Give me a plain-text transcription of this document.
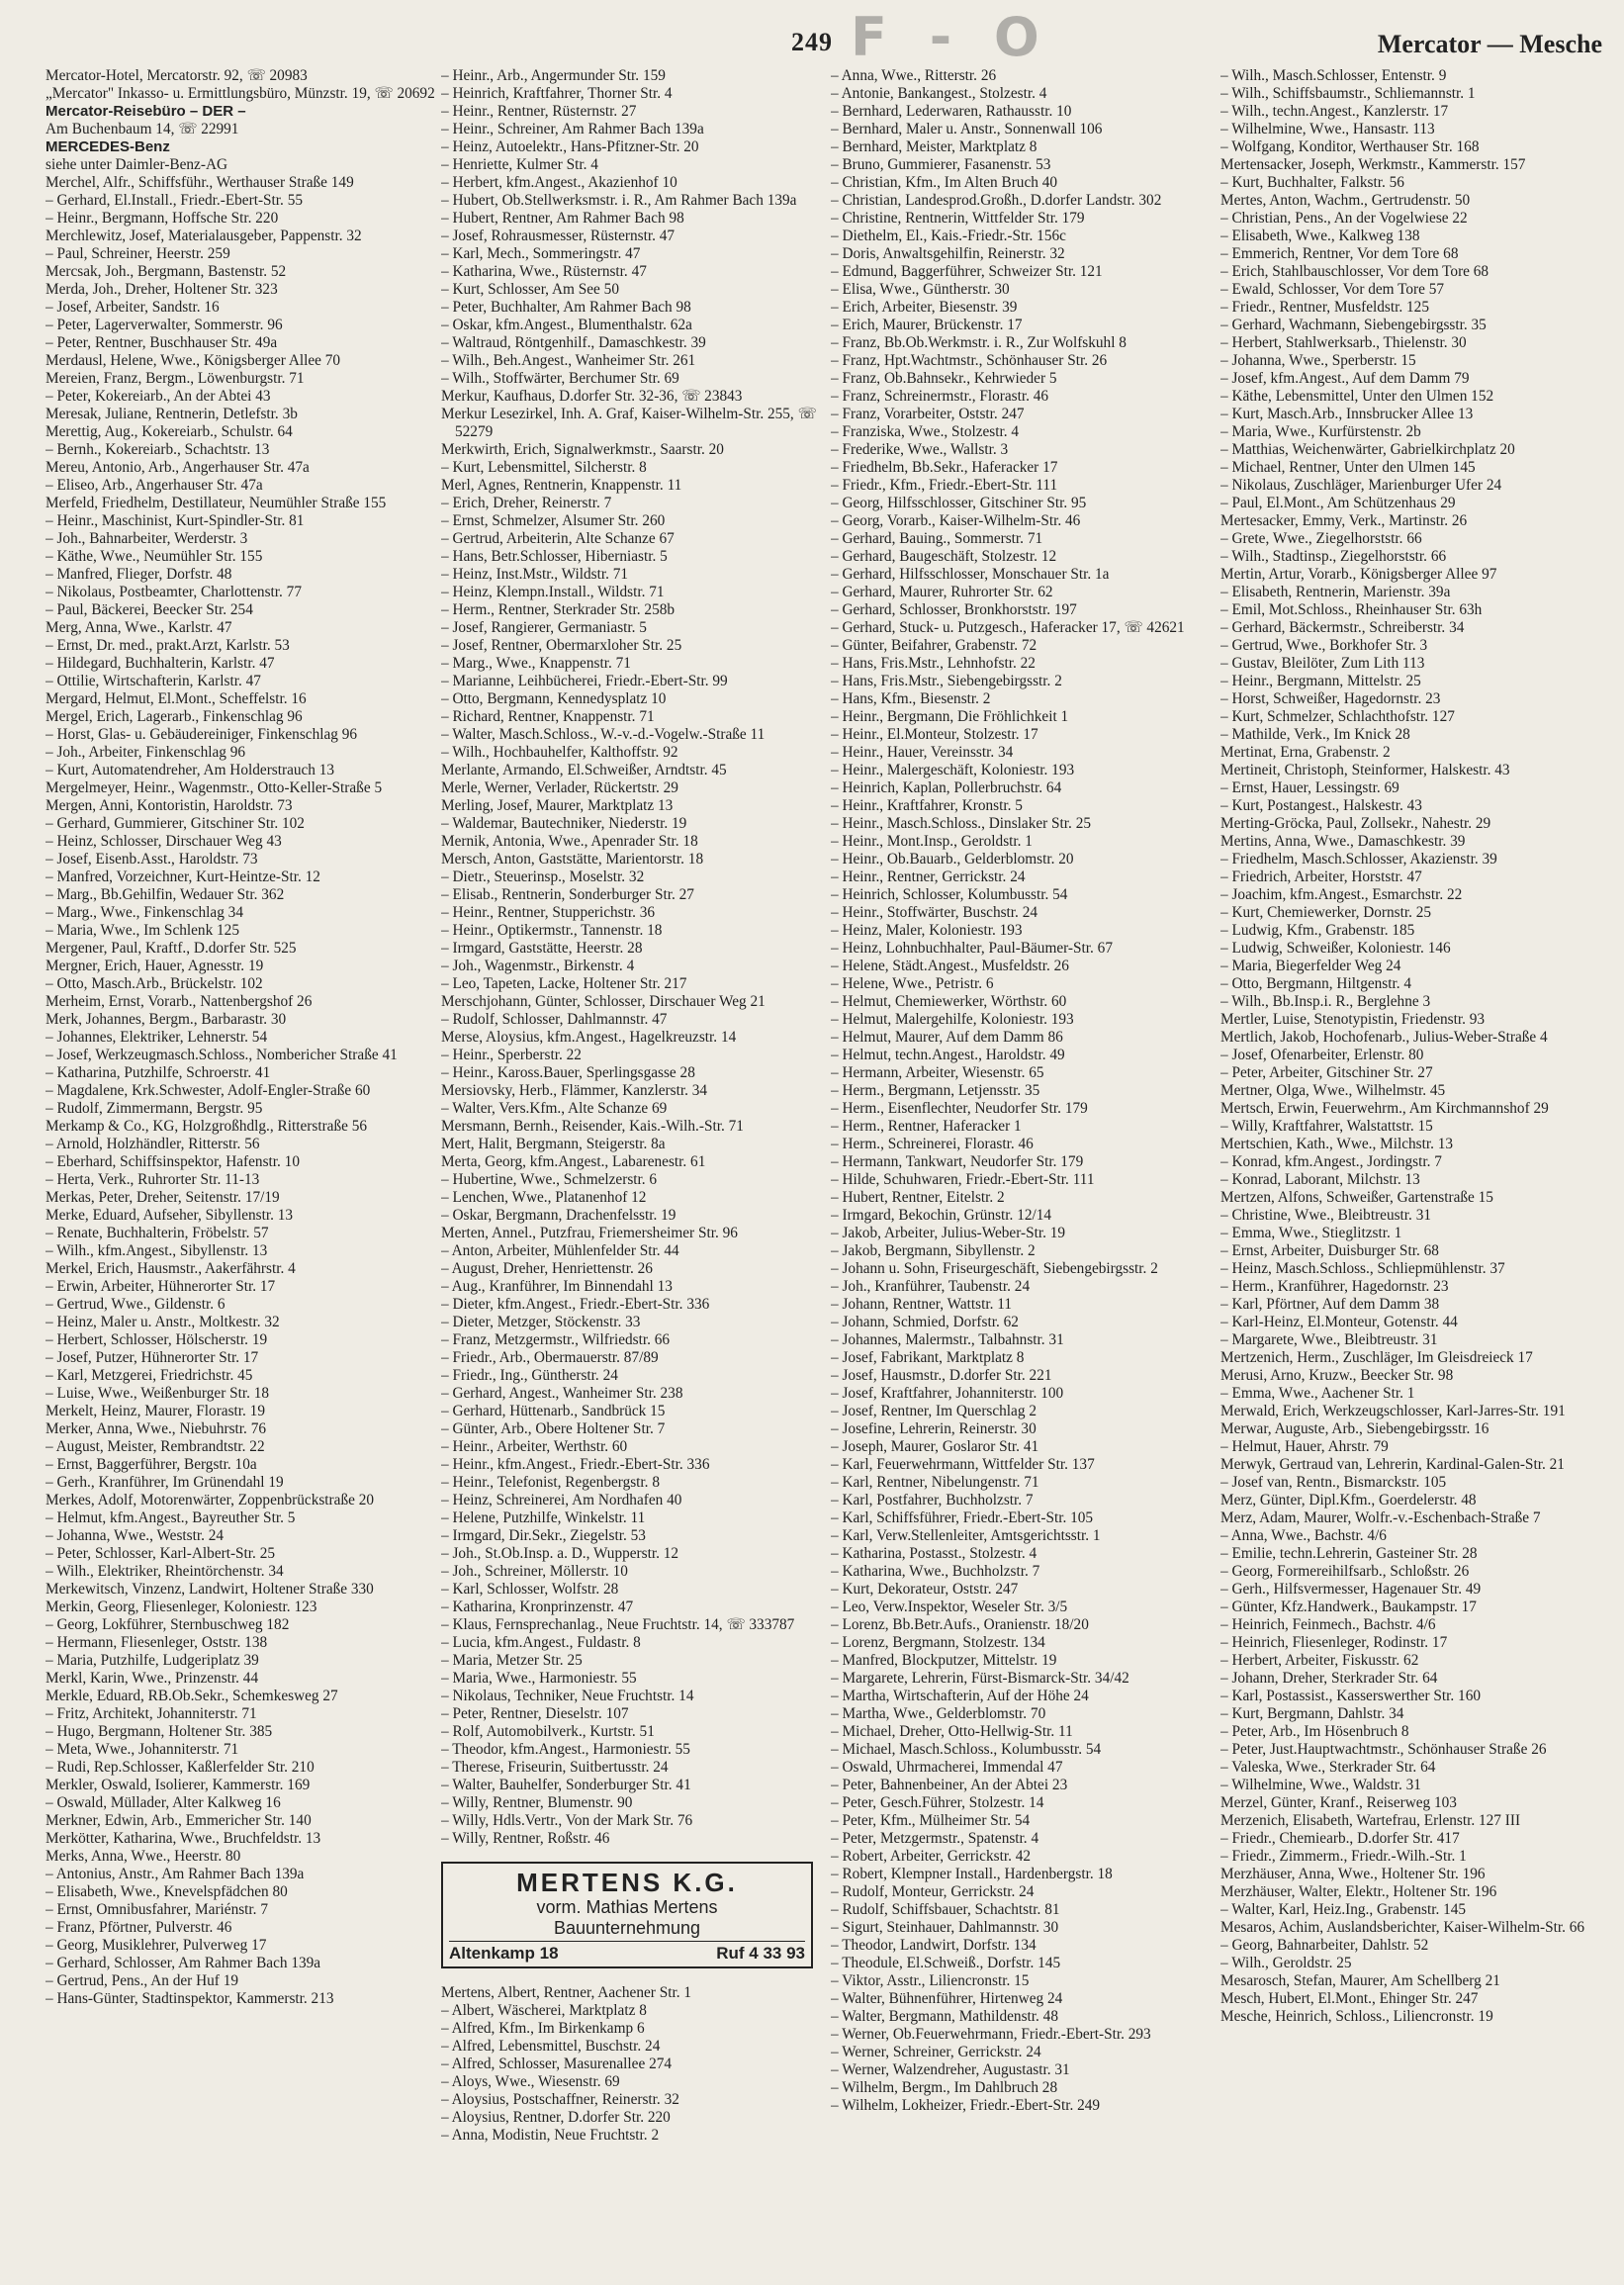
F - O
249	Mercator — Mesche

Mercator-Hotel, Mercatorstr. 92, ☏ 20983

„Mercator" Inkasso- u. Ermittlungsbüro, Münzstr. 19, ☏ 20692

Mercator-Reisebüro – DER –

Am Buchenbaum 14, ☏ 22991

MERCEDES-Benz

siehe unter Daimler-Benz-AG

Merchel, Alfr., Schiffsführ., Werthauser Straße 149

– Gerhard, El.Install., Friedr.-Ebert-Str. 55

– Heinr., Bergmann, Hoffsche Str. 220

Merchlewitz, Josef, Materialausgeber, Pappenstr. 32

– Paul, Schreiner, Heerstr. 259

Mercsak, Joh., Bergmann, Bastenstr. 52

Merda, Joh., Dreher, Holtener Str. 323

– Josef, Arbeiter, Sandstr. 16

– Peter, Lagerverwalter, Sommerstr. 96

– Peter, Rentner, Buschhauser Str. 49a

Merdausl, Helene, Wwe., Königsberger Allee 70

Mereien, Franz, Bergm., Löwenburgstr. 71

– Peter, Kokereiarb., An der Abtei 43

Meresak, Juliane, Rentnerin, Detlefstr. 3b

Merettig, Aug., Kokereiarb., Schulstr. 64

– Bernh., Kokereiarb., Schachtstr. 13

Mereu, Antonio, Arb., Angerhauser Str. 47a

– Eliseo, Arb., Angerhauser Str. 47a

Merfeld, Friedhelm, Destillateur, Neumühler Straße 155

– Heinr., Maschinist, Kurt-Spindler-Str. 81

– Joh., Bahnarbeiter, Werderstr. 3

– Käthe, Wwe., Neumühler Str. 155

– Manfred, Flieger, Dorfstr. 48

– Nikolaus, Postbeamter, Charlottenstr. 77

– Paul, Bäckerei, Beecker Str. 254

Merg, Anna, Wwe., Karlstr. 47

– Ernst, Dr. med., prakt.Arzt, Karlstr. 53

– Hildegard, Buchhalterin, Karlstr. 47

– Ottilie, Wirtschafterin, Karlstr. 47

Mergard, Helmut, El.Mont., Scheffelstr. 16

Mergel, Erich, Lagerarb., Finkenschlag 96

– Horst, Glas- u. Gebäudereiniger, Finkenschlag 96

– Joh., Arbeiter, Finkenschlag 96

– Kurt, Automatendreher, Am Holderstrauch 13

Mergelmeyer, Heinr., Wagenmstr., Otto-Keller-Straße 5

Mergen, Anni, Kontoristin, Haroldstr. 73

– Gerhard, Gummierer, Gitschiner Str. 102

– Heinz, Schlosser, Dirschauer Weg 43

– Josef, Eisenb.Asst., Haroldstr. 73

– Manfred, Vorzeichner, Kurt-Heintze-Str. 12

– Marg., Bb.Gehilfin, Wedauer Str. 362

– Marg., Wwe., Finkenschlag 34

– Maria, Wwe., Im Schlenk 125

Mergener, Paul, Kraftf., D.dorfer Str. 525

Mergner, Erich, Hauer, Agnesstr. 19

– Otto, Masch.Arb., Brückelstr. 102

Merheim, Ernst, Vorarb., Nattenbergshof 26

Merk, Johannes, Bergm., Barbarastr. 30

– Johannes, Elektriker, Lehnerstr. 54

– Josef, Werkzeugmasch.Schloss., Nombericher Straße 41

– Katharina, Putzhilfe, Schroerstr. 41

– Magdalene, Krk.Schwester, Adolf-Engler-Straße 60

– Rudolf, Zimmermann, Bergstr. 95

Merkamp & Co., KG, Holzgroßhdlg., Ritterstraße 56

– Arnold, Holzhändler, Ritterstr. 56

– Eberhard, Schiffsinspektor, Hafenstr. 10

– Herta, Verk., Ruhrorter Str. 11-13

Merkas, Peter, Dreher, Seitenstr. 17/19

Merke, Eduard, Aufseher, Sibyllenstr. 13

– Renate, Buchhalterin, Fröbelstr. 57

– Wilh., kfm.Angest., Sibyllenstr. 13

Merkel, Erich, Hausmstr., Aakerfährstr. 4

– Erwin, Arbeiter, Hühnerorter Str. 17

– Gertrud, Wwe., Gildenstr. 6

– Heinz, Maler u. Anstr., Moltkestr. 32

– Herbert, Schlosser, Hölscherstr. 19

– Josef, Putzer, Hühnerorter Str. 17

– Karl, Metzgerei, Friedrichstr. 45

– Luise, Wwe., Weißenburger Str. 18

Merkelt, Heinz, Maurer, Florastr. 19

Merker, Anna, Wwe., Niebuhrstr. 76

– August, Meister, Rembrandtstr. 22

– Ernst, Baggerführer, Bergstr. 10a

– Gerh., Kranführer, Im Grünendahl 19

Merkes, Adolf, Motorenwärter, Zoppenbrückstraße 20

– Helmut, kfm.Angest., Bayreuther Str. 5

– Johanna, Wwe., Weststr. 24

– Peter, Schlosser, Karl-Albert-Str. 25

– Wilh., Elektriker, Rheintörchenstr. 34

Merkewitsch, Vinzenz, Landwirt, Holtener Straße 330

Merkin, Georg, Fliesenleger, Koloniestr. 123

– Georg, Lokführer, Sternbuschweg 182

– Hermann, Fliesenleger, Oststr. 138

– Maria, Putzhilfe, Ludgeriplatz 39

Merkl, Karin, Wwe., Prinzenstr. 44

Merkle, Eduard, RB.Ob.Sekr., Schemkesweg 27

– Fritz, Architekt, Johanniterstr. 71

– Hugo, Bergmann, Holtener Str. 385

– Meta, Wwe., Johanniterstr. 71

– Rudi, Rep.Schlosser, Kaßlerfelder Str. 210

Merkler, Oswald, Isolierer, Kammerstr. 169

– Oswald, Müllader, Alter Kalkweg 16

Merkner, Edwin, Arb., Emmericher Str. 140

Merkötter, Katharina, Wwe., Bruchfeldstr. 13

Merks, Anna, Wwe., Heerstr. 80

– Antonius, Anstr., Am Rahmer Bach 139a

– Elisabeth, Wwe., Knevelspfädchen 80

– Ernst, Omnibusfahrer, Mariénstr. 7

– Franz, Pförtner, Pulverstr. 46

– Georg, Musiklehrer, Pulverweg 17

– Gerhard, Schlosser, Am Rahmer Bach 139a

– Gertrud, Pens., An der Huf 19

– Hans-Günter, Stadtinspektor, Kammerstr. 213

– Heinr., Arb., Angermunder Str. 159

– Heinrich, Kraftfahrer, Thorner Str. 4

– Heinr., Rentner, Rüsternstr. 27

– Heinr., Schreiner, Am Rahmer Bach 139a

– Heinz, Autoelektr., Hans-Pfitzner-Str. 20

– Henriette, Kulmer Str. 4

– Herbert, kfm.Angest., Akazienhof 10

– Hubert, Ob.Stellwerksmstr. i. R., Am Rahmer Bach 139a

– Hubert, Rentner, Am Rahmer Bach 98

– Josef, Rohrausmesser, Rüsternstr. 47

– Karl, Mech., Sommeringstr. 47

– Katharina, Wwe., Rüsternstr. 47

– Kurt, Schlosser, Am See 50

– Peter, Buchhalter, Am Rahmer Bach 98

– Oskar, kfm.Angest., Blumenthalstr. 62a

– Waltraud, Röntgenhilf., Damaschkestr. 39

– Wilh., Beh.Angest., Wanheimer Str. 261

– Wilh., Stoffwärter, Berchumer Str. 69

Merkur, Kaufhaus, D.dorfer Str. 32-36, ☏ 23843

Merkur Lesezirkel, Inh. A. Graf, Kaiser-Wilhelm-Str. 255, ☏ 52279

Merkwirth, Erich, Signalwerkmstr., Saarstr. 20

– Kurt, Lebensmittel, Silcherstr. 8

Merl, Agnes, Rentnerin, Knappenstr. 11

– Erich, Dreher, Reinerstr. 7

– Ernst, Schmelzer, Alsumer Str. 260

– Gertrud, Arbeiterin, Alte Schanze 67

– Hans, Betr.Schlosser, Hiberniastr. 5

– Heinz, Inst.Mstr., Wildstr. 71

– Heinz, Klempn.Install., Wildstr. 71

– Herm., Rentner, Sterkrader Str. 258b

– Josef, Rangierer, Germaniastr. 5

– Josef, Rentner, Obermarxloher Str. 25

– Marg., Wwe., Knappenstr. 71

– Marianne, Leihbücherei, Friedr.-Ebert-Str. 99

– Otto, Bergmann, Kennedysplatz 10

– Richard, Rentner, Knappenstr. 71

– Walter, Masch.Schloss., W.-v.-d.-Vogelw.-Straße 11

– Wilh., Hochbauhelfer, Kalthoffstr. 92

Merlante, Armando, El.Schweißer, Arndtstr. 45

Merle, Werner, Verlader, Rückertstr. 29

Merling, Josef, Maurer, Marktplatz 13

– Waldemar, Bautechniker, Niederstr. 19

Mernik, Antonia, Wwe., Apenrader Str. 18

Mersch, Anton, Gaststätte, Marientorstr. 18

– Dietr., Steuerinsp., Moselstr. 32

– Elisab., Rentnerin, Sonderburger Str. 27

– Heinr., Rentner, Stupperichstr. 36

– Heinr., Optikermstr., Tannenstr. 18

– Irmgard, Gaststätte, Heerstr. 28

– Joh., Wagenmstr., Birkenstr. 4

– Leo, Tapeten, Lacke, Holtener Str. 217

Merschjohann, Günter, Schlosser, Dirschauer Weg 21

– Rudolf, Schlosser, Dahlmannstr. 47

Merse, Aloysius, kfm.Angest., Hagelkreuzstr. 14

– Heinr., Sperberstr. 22

– Heinr., Kaross.Bauer, Sperlingsgasse 28

Mersiovsky, Herb., Flämmer, Kanzlerstr. 34

– Walter, Vers.Kfm., Alte Schanze 69

Mersmann, Bernh., Reisender, Kais.-Wilh.-Str. 71

Mert, Halit, Bergmann, Steigerstr. 8a

Merta, Georg, kfm.Angest., Labarenestr. 61

– Hubertine, Wwe., Schmelzerstr. 6

– Lenchen, Wwe., Platanenhof 12

– Oskar, Bergmann, Drachenfelsstr. 19

Merten, Annel., Putzfrau, Friemersheimer Str. 96

– Anton, Arbeiter, Mühlenfelder Str. 44

– August, Dreher, Henriettenstr. 26

– Aug., Kranführer, Im Binnendahl 13

– Dieter, kfm.Angest., Friedr.-Ebert-Str. 336

– Dieter, Metzger, Stöckenstr. 33

– Franz, Metzgermstr., Wilfriedstr. 66

– Friedr., Arb., Obermauerstr. 87/89

– Friedr., Ing., Güntherstr. 24

– Gerhard, Angest., Wanheimer Str. 238

– Gerhard, Hüttenarb., Sandbrück 15

– Günter, Arb., Obere Holtener Str. 7

– Heinr., Arbeiter, Werthstr. 60

– Heinr., kfm.Angest., Friedr.-Ebert-Str. 336

– Heinr., Telefonist, Regenbergstr. 8

– Heinz, Schreinerei, Am Nordhafen 40

– Helene, Putzhilfe, Winkelstr. 11

– Irmgard, Dir.Sekr., Ziegelstr. 53

– Joh., St.Ob.Insp. a. D., Wupperstr. 12

– Joh., Schreiner, Möllerstr. 10

– Karl, Schlosser, Wolfstr. 28

– Katharina, Kronprinzenstr. 47

– Klaus, Fernsprechanlag., Neue Fruchtstr. 14, ☏ 333787

– Lucia, kfm.Angest., Fuldastr. 8

– Maria, Metzer Str. 25

– Maria, Wwe., Harmoniestr. 55

– Nikolaus, Techniker, Neue Fruchtstr. 14

– Peter, Rentner, Dieselstr. 107

– Rolf, Automobilverk., Kurtstr. 51

– Theodor, kfm.Angest., Harmoniestr. 55

– Therese, Friseurin, Suitbertusstr. 24

– Walter, Bauhelfer, Sonderburger Str. 41

– Willy, Rentner, Blumenstr. 90

– Willy, Hdls.Vertr., Von der Mark Str. 76

– Willy, Rentner, Roßstr. 46

MERTENS K.G.
vorm. Mathias Mertens
Bauunternehmung
Altenkamp 18	Ruf 4 33 93

Mertens, Albert, Rentner, Aachener Str. 1

– Albert, Wäscherei, Marktplatz 8

– Alfred, Kfm., Im Birkenkamp 6

– Alfred, Lebensmittel, Buschstr. 24

– Alfred, Schlosser, Masurenallee 274

– Aloys, Wwe., Wiesenstr. 69

– Aloysius, Postschaffner, Reinerstr. 32

– Aloysius, Rentner, D.dorfer Str. 220

– Anna, Modistin, Neue Fruchtstr. 2

– Anna, Wwe., Ritterstr. 26

– Antonie, Bankangest., Stolzestr. 4

– Bernhard, Lederwaren, Rathausstr. 10

– Bernhard, Maler u. Anstr., Sonnenwall 106

– Bernhard, Meister, Marktplatz 8

– Bruno, Gummierer, Fasanenstr. 53

– Christian, Kfm., Im Alten Bruch 40

– Christian, Landesprod.Großh., D.dorfer Landstr. 302

– Christine, Rentnerin, Wittfelder Str. 179

– Diethelm, El., Kais.-Friedr.-Str. 156c

– Doris, Anwaltsgehilfin, Reinerstr. 32

– Edmund, Baggerführer, Schweizer Str. 121

– Elisa, Wwe., Güntherstr. 30

– Erich, Arbeiter, Biesenstr. 39

– Erich, Maurer, Brückenstr. 17

– Franz, Bb.Ob.Werkmstr. i. R., Zur Wolfskuhl 8

– Franz, Hpt.Wachtmstr., Schönhauser Str. 26

– Franz, Ob.Bahnsekr., Kehrwieder 5

– Franz, Schreinermstr., Florastr. 46

– Franz, Vorarbeiter, Oststr. 247

– Franziska, Wwe., Stolzestr. 4

– Frederike, Wwe., Wallstr. 3

– Friedhelm, Bb.Sekr., Haferacker 17

– Friedr., Kfm., Friedr.-Ebert-Str. 111

– Georg, Hilfsschlosser, Gitschiner Str. 95

– Georg, Vorarb., Kaiser-Wilhelm-Str. 46

– Gerhard, Bauing., Sommerstr. 71

– Gerhard, Baugeschäft, Stolzestr. 12

– Gerhard, Hilfsschlosser, Monschauer Str. 1a

– Gerhard, Maurer, Ruhrorter Str. 62

– Gerhard, Schlosser, Bronkhorststr. 197

– Gerhard, Stuck- u. Putzgesch., Haferacker 17, ☏ 42621

– Günter, Beifahrer, Grabenstr. 72

– Hans, Fris.Mstr., Lehnhofstr. 22

– Hans, Fris.Mstr., Siebengebirgsstr. 2

– Hans, Kfm., Biesenstr. 2

– Heinr., Bergmann, Die Fröhlichkeit 1

– Heinr., El.Monteur, Stolzestr. 17

– Heinr., Hauer, Vereinsstr. 34

– Heinr., Malergeschäft, Koloniestr. 193

– Heinrich, Kaplan, Pollerbruchstr. 64

– Heinr., Kraftfahrer, Kronstr. 5

– Heinr., Masch.Schloss., Dinslaker Str. 25

– Heinr., Mont.Insp., Geroldstr. 1

– Heinr., Ob.Bauarb., Gelderblomstr. 20

– Heinr., Rentner, Gerrickstr. 24

– Heinrich, Schlosser, Kolumbusstr. 54

– Heinr., Stoffwärter, Buschstr. 24

– Heinz, Maler, Koloniestr. 193

– Heinz, Lohnbuchhalter, Paul-Bäumer-Str. 67

– Helene, Städt.Angest., Musfeldstr. 26

– Helene, Wwe., Petristr. 6

– Helmut, Chemiewerker, Wörthstr. 60

– Helmut, Malergehilfe, Koloniestr. 193

– Helmut, Maurer, Auf dem Damm 86

– Helmut, techn.Angest., Haroldstr. 49

– Hermann, Arbeiter, Wiesenstr. 65

– Herm., Bergmann, Letjensstr. 35

– Herm., Eisenflechter, Neudorfer Str. 179

– Herm., Rentner, Haferacker 1

– Herm., Schreinerei, Florastr. 46

– Hermann, Tankwart, Neudorfer Str. 179

– Hilde, Schuhwaren, Friedr.-Ebert-Str. 111

– Hubert, Rentner, Eitelstr. 2

– Irmgard, Bekochin, Grünstr. 12/14

– Jakob, Arbeiter, Julius-Weber-Str. 19

– Jakob, Bergmann, Sibyllenstr. 2

– Johann u. Sohn, Friseurgeschäft, Siebengebirgsstr. 2

– Joh., Kranführer, Taubenstr. 24

– Johann, Rentner, Wattstr. 11

– Johann, Schmied, Dorfstr. 62

– Johannes, Malermstr., Talbahnstr. 31

– Josef, Fabrikant, Marktplatz 8

– Josef, Hausmstr., D.dorfer Str. 221

– Josef, Kraftfahrer, Johanniterstr. 100

– Josef, Rentner, Im Querschlag 2

– Josefine, Lehrerin, Reinerstr. 30

– Joseph, Maurer, Goslaror Str. 41

– Karl, Feuerwehrmann, Wittfelder Str. 137

– Karl, Rentner, Nibelungenstr. 71

– Karl, Postfahrer, Buchholzstr. 7

– Karl, Schiffsführer, Friedr.-Ebert-Str. 105

– Karl, Verw.Stellenleiter, Amtsgerichtsstr. 1

– Katharina, Postasst., Stolzestr. 4

– Katharina, Wwe., Buchholzstr. 7

– Kurt, Dekorateur, Oststr. 247

– Leo, Verw.Inspektor, Weseler Str. 3/5

– Lorenz, Bb.Betr.Aufs., Oranienstr. 18/20

– Lorenz, Bergmann, Stolzestr. 134

– Manfred, Blockputzer, Mittelstr. 19

– Margarete, Lehrerin, Fürst-Bismarck-Str. 34/42

– Martha, Wirtschafterin, Auf der Höhe 24

– Martha, Wwe., Gelderblomstr. 70

– Michael, Dreher, Otto-Hellwig-Str. 11

– Michael, Masch.Schloss., Kolumbusstr. 54

– Oswald, Uhrmacherei, Immendal 47

– Peter, Bahnenbeiner, An der Abtei 23

– Peter, Gesch.Führer, Stolzestr. 14

– Peter, Kfm., Mülheimer Str. 54

– Peter, Metzgermstr., Spatenstr. 4

– Robert, Arbeiter, Gerrickstr. 42

– Robert, Klempner Install., Hardenbergstr. 18

– Rudolf, Monteur, Gerrickstr. 24

– Rudolf, Schiffsbauer, Schachtstr. 81

– Sigurt, Steinhauer, Dahlmannstr. 30

– Theodor, Landwirt, Dorfstr. 134

– Theodule, El.Schweiß., Dorfstr. 145

– Viktor, Asstr., Liliencronstr. 15

– Walter, Bühnenführer, Hirtenweg 24

– Walter, Bergmann, Mathildenstr. 48

– Werner, Ob.Feuerwehrmann, Friedr.-Ebert-Str. 293

– Werner, Schreiner, Gerrickstr. 24

– Werner, Walzendreher, Augustastr. 31

– Wilhelm, Bergm., Im Dahlbruch 28

– Wilhelm, Lokheizer, Friedr.-Ebert-Str. 249

– Wilh., Masch.Schlosser, Entenstr. 9

– Wilh., Schiffsbaumstr., Schliemannstr. 1

– Wilh., techn.Angest., Kanzlerstr. 17

– Wilhelmine, Wwe., Hansastr. 113

– Wolfgang, Konditor, Werthauser Str. 168

Mertensacker, Joseph, Werkmstr., Kammerstr. 157

– Kurt, Buchhalter, Falkstr. 56

Mertes, Anton, Wachm., Gertrudenstr. 50

– Christian, Pens., An der Vogelwiese 22

– Elisabeth, Wwe., Kalkweg 138

– Emmerich, Rentner, Vor dem Tore 68

– Erich, Stahlbauschlosser, Vor dem Tore 68

– Ewald, Schlosser, Vor dem Tore 57

– Friedr., Rentner, Musfeldstr. 125

– Gerhard, Wachmann, Siebengebirgsstr. 35

– Herbert, Stahlwerksarb., Thielenstr. 30

– Johanna, Wwe., Sperberstr. 15

– Josef, kfm.Angest., Auf dem Damm 79

– Käthe, Lebensmittel, Unter den Ulmen 152

– Kurt, Masch.Arb., Innsbrucker Allee 13

– Maria, Wwe., Kurfürstenstr. 2b

– Matthias, Weichenwärter, Gabrielkirchplatz 20

– Michael, Rentner, Unter den Ulmen 145

– Nikolaus, Zuschläger, Marienburger Ufer 24

– Paul, El.Mont., Am Schützenhaus 29

Mertesacker, Emmy, Verk., Martinstr. 26

– Grete, Wwe., Ziegelhorststr. 66

– Wilh., Stadtinsp., Ziegelhorststr. 66

Mertin, Artur, Vorarb., Königsberger Allee 97

– Elisabeth, Rentnerin, Marienstr. 39a

– Emil, Mot.Schloss., Rheinhauser Str. 63h

– Gerhard, Bäckermstr., Schreiberstr. 34

– Gertrud, Wwe., Borkhofer Str. 3

– Gustav, Bleilöter, Zum Lith 113

– Heinr., Bergmann, Mittelstr. 25

– Horst, Schweißer, Hagedornstr. 23

– Kurt, Schmelzer, Schlachthofstr. 127

– Mathilde, Verk., Im Knick 28

Mertinat, Erna, Grabenstr. 2

Mertineit, Christoph, Steinformer, Halskestr. 43

– Ernst, Hauer, Lessingstr. 69

– Kurt, Postangest., Halskestr. 43

Merting-Gröcka, Paul, Zollsekr., Nahestr. 29

Mertins, Anna, Wwe., Damaschkestr. 39

– Friedhelm, Masch.Schlosser, Akazienstr. 39

– Friedrich, Arbeiter, Horststr. 47

– Joachim, kfm.Angest., Esmarchstr. 22

– Kurt, Chemiewerker, Dornstr. 25

– Ludwig, Kfm., Grabenstr. 185

– Ludwig, Schweißer, Koloniestr. 146

– Maria, Biegerfelder Weg 24

– Otto, Bergmann, Hiltgenstr. 4

– Wilh., Bb.Insp.i. R., Berglehne 3

Mertler, Luise, Stenotypistin, Friedenstr. 93

Mertlich, Jakob, Hochofenarb., Julius-Weber-Straße 4

– Josef, Ofenarbeiter, Erlenstr. 80

– Peter, Arbeiter, Gitschiner Str. 27

Mertner, Olga, Wwe., Wilhelmstr. 45

Mertsch, Erwin, Feuerwehrm., Am Kirchmannshof 29

– Willy, Kraftfahrer, Walstattstr. 15

Mertschien, Kath., Wwe., Milchstr. 13

– Konrad, kfm.Angest., Jordingstr. 7

– Konrad, Laborant, Milchstr. 13

Mertzen, Alfons, Schweißer, Gartenstraße 15

– Christine, Wwe., Bleibtreustr. 31

– Emma, Wwe., Stieglitzstr. 1

– Ernst, Arbeiter, Duisburger Str. 68

– Heinz, Masch.Schloss., Schliepmühlenstr. 37

– Herm., Kranführer, Hagedornstr. 23

– Karl, Pförtner, Auf dem Damm 38

– Karl-Heinz, El.Monteur, Gotenstr. 44

– Margarete, Wwe., Bleibtreustr. 31

Mertzenich, Herm., Zuschläger, Im Gleisdreieck 17

Merusi, Arno, Kruzw., Beecker Str. 98

– Emma, Wwe., Aachener Str. 1

Merwald, Erich, Werkzeugschlosser, Karl-Jarres-Str. 191

Merwar, Auguste, Arb., Siebengebirgsstr. 16

– Helmut, Hauer, Ahrstr. 79

Merwyk, Gertraud van, Lehrerin, Kardinal-Galen-Str. 21

– Josef van, Rentn., Bismarckstr. 105

Merz, Günter, Dipl.Kfm., Goerdelerstr. 48

Merz, Adam, Maurer, Wolfr.-v.-Eschenbach-Straße 7

– Anna, Wwe., Bachstr. 4/6

– Emilie, techn.Lehrerin, Gasteiner Str. 28

– Georg, Formereihilfsarb., Schloßstr. 26

– Gerh., Hilfsvermesser, Hagenauer Str. 49

– Günter, Kfz.Handwerk., Baukampstr. 17

– Heinrich, Feinmech., Bachstr. 4/6

– Heinrich, Fliesenleger, Rodinstr. 17

– Herbert, Arbeiter, Fiskusstr. 62

– Johann, Dreher, Sterkrader Str. 64

– Karl, Postassist., Kasserswerther Str. 160

– Kurt, Bergmann, Dahlstr. 34

– Peter, Arb., Im Hösenbruch 8

– Peter, Just.Hauptwachtmstr., Schönhauser Straße 26

– Valeska, Wwe., Sterkrader Str. 64

– Wilhelmine, Wwe., Waldstr. 31

Merzel, Günter, Kranf., Reiserweg 103

Merzenich, Elisabeth, Wartefrau, Erlenstr. 127 III

– Friedr., Chemiearb., D.dorfer Str. 417

– Friedr., Zimmerm., Friedr.-Wilh.-Str. 1

Merzhäuser, Anna, Wwe., Holtener Str. 196

Merzhäuser, Walter, Elektr., Holtener Str. 196

– Walter, Karl, Heiz.Ing., Grabenstr. 145

Mesaros, Achim, Auslandsberichter, Kaiser-Wilhelm-Str. 66

– Georg, Bahnarbeiter, Dahlstr. 52

– Wilh., Geroldstr. 25

Mesarosch, Stefan, Maurer, Am Schellberg 21

Mesch, Hubert, El.Mont., Ehinger Str. 247

Mesche, Heinrich, Schloss., Liliencronstr. 19
